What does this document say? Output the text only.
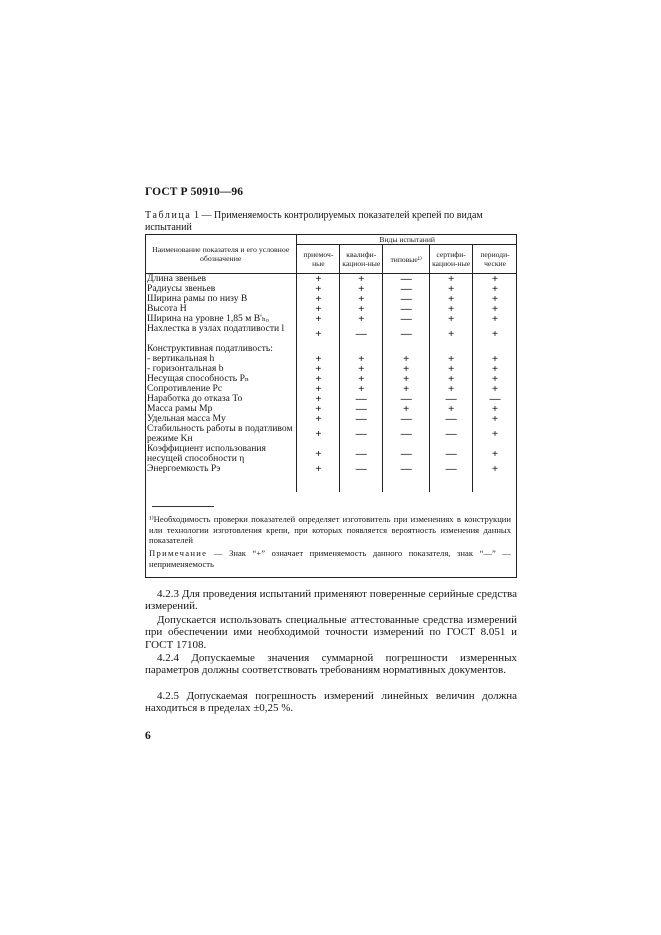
ГОСТ Р 50910—96
Таблица 1 — Применяемость контролируемых показателей крепей по видам испытаний
Наименование показателя и его условное обозначение	Виды испытаний				
	приемоч-ные	квалифи-кацион-ные	типовые¹⁾	сертифи-кацион-ные	периоди-ческие
Длина звеньев	+	+	—	+	+
Радиусы звеньев	+	+	—	+	+
Ширина рамы по низу B	+	+	—	+	+
Высота H	+	+	—	+	+
Ширина на уровне 1,85 м B'ₕₒ	+	+	—	+	+
Нахлестка в узлах податливости l	+	—	—	+	+
Конструктивная податливость:					
- вертикальная h	+	+	+	+	+
- горизонтальная b	+	+	+	+	+
Несущая способность Pₙ	+	+	+	+	+
Сопротивление Pc	+	+	+	+	+
Наработка до отказа To	+	—	—	—	—
Масса рамы Mp	+	—	+	+	+
Удельная масса My	+	—	—	—	+
Стабильность работы в податливом режиме Kн	+	—	—	—	+
Коэффициент использования несущей способности η	+	—	—	—	+
Энергоемкость Pэ	+	—	—	—	+

¹⁾Необходимость проверки показателей определяет изготовитель при изменениях в конструкции или технологии изготовления крепи, при которых появляется вероятность изменения данных показателей
Примечание — Знак “+” означает применяемость данного показателя, знак “—” — неприменяемость
4.2.3 Для проведения испытаний применяют поверенные серийные средства измерений.
Допускается использовать специальные аттестованные средства измерений при обеспечении ими необходимой точности измерений по ГОСТ 8.051 и ГОСТ 17108.
4.2.4 Допускаемые значения суммарной погрешности измеренных параметров должны соответствовать требованиям нормативных документов.
4.2.5 Допускаемая погрешность измерений линейных величин должна находиться в пределах ±0,25 %.
6
